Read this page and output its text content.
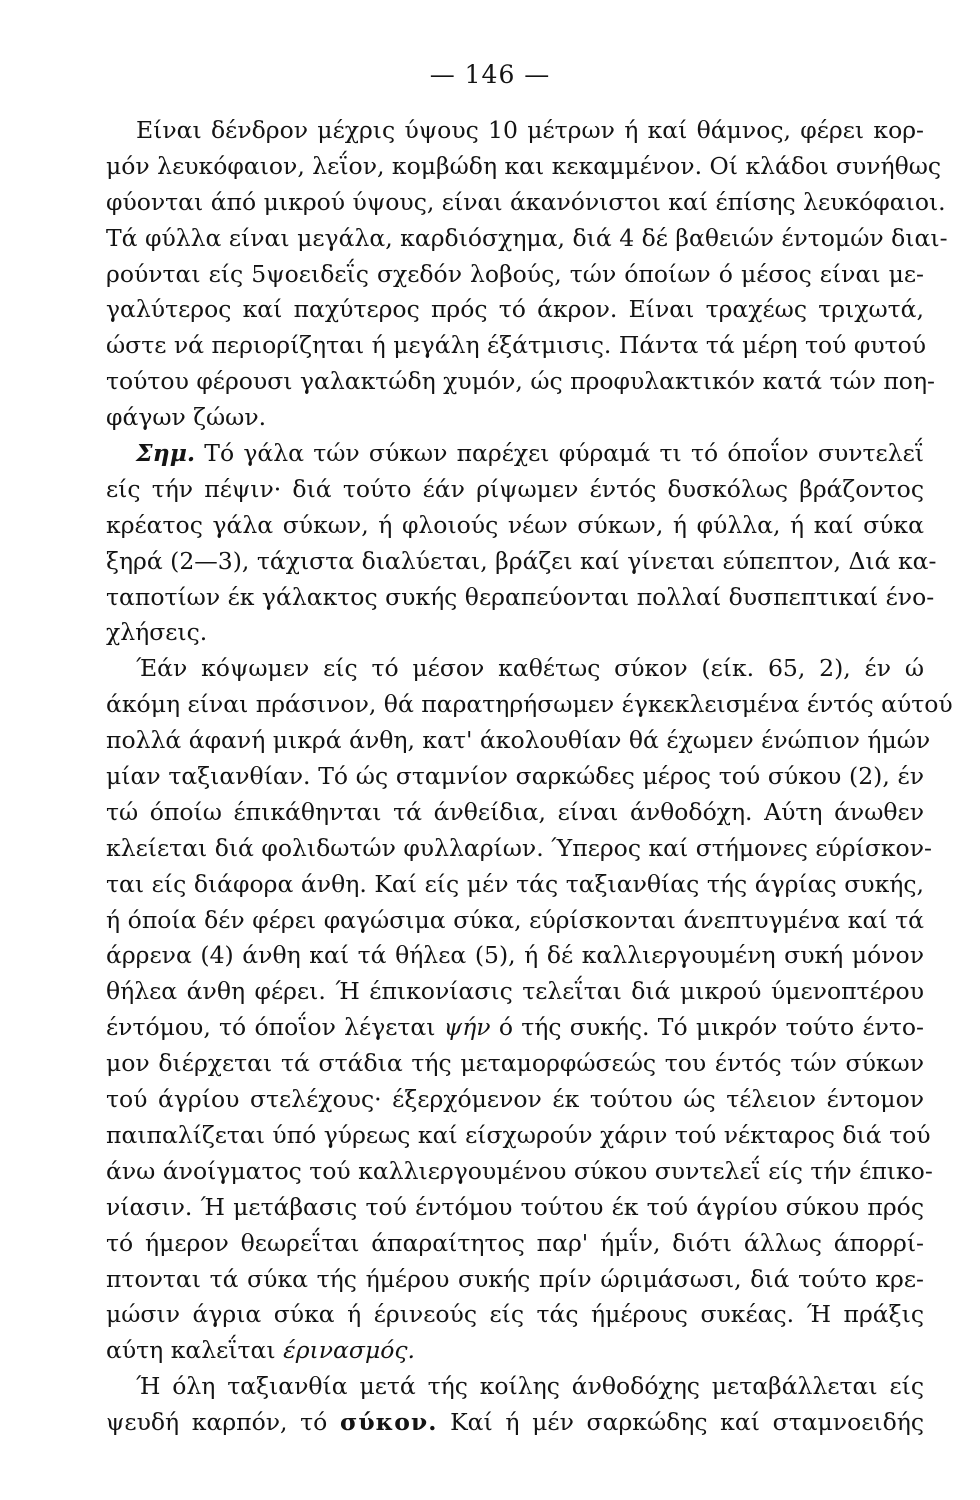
— 146 —
Είναι δένδρον μέχρις ύψους 10 μέτρων ή καί θάμνος, φέρει κορ-
μόν λευκόφαιον, λεΐον, κομβώδη και κεκαμμένον. Οί κλάδοι συνήθως
φύονται άπό μικρού ύψους, είναι άκανόνιστοι καί έπίσης λευκόφαιοι.
Τά φύλλα είναι μεγάλα, καρδιόσχημα, διά 4 δέ βαθειών έντομών διαι-
ρούνται είς 5ψοειδεΐς σχεδόν λοβούς, τών όποίων ό μέσος είναι με-
γαλύτερος καί παχύτερος πρός τό άκρον. Είναι τραχέως τριχωτά,
ώστε νά περιορίζηται ή μεγάλη έξάτμισις. Πάντα τά μέρη τού φυτού
τούτου φέρουσι γαλακτώδη χυμόν, ώς προφυλακτικόν κατά τών ποη-
φάγων ζώων.
Σημ. Τό γάλα τών σύκων παρέχει φύραμά τι τό όποΐον συντελεΐ
είς τήν πέψιν· διά τούτο έάν ρίψωμεν έντός δυσκόλως βράζοντος
κρέατος γάλα σύκων, ή φλοιούς νέων σύκων, ή φύλλα, ή καί σύκα
ξηρά (2—3), τάχιστα διαλύεται, βράζει καί γίνεται εύπεπτον, Διά κα-
ταποτίων έκ γάλακτος συκής θεραπεύονται πολλαί δυσπεπτικαί ένο-
χλήσεις.
Έάν κόψωμεν είς τό μέσον καθέτως σύκον (είκ. 65, 2), έν ώ
άκόμη είναι πράσινον, θά παρατηρήσωμεν έγκεκλεισμένα έντός αύτού
πολλά άφανή μικρά άνθη, κατ' άκολουθίαν θά έχωμεν ένώπιον ήμών
μίαν ταξιανθίαν. Τό ώς σταμνίον σαρκώδες μέρος τού σύκου (2), έν
τώ όποίω έπικάθηνται τά άνθείδια, είναι άνθοδόχη. Αύτη άνωθεν
κλείεται διά φολιδωτών φυλλαρίων. Ύπερος καί στήμονες εύρίσκον-
ται είς διάφορα άνθη. Καί είς μέν τάς ταξιανθίας τής άγρίας συκής,
ή όποία δέν φέρει φαγώσιμα σύκα, εύρίσκονται άνεπτυγμένα καί τά
άρρενα (4) άνθη καί τά θήλεα (5), ή δέ καλλιεργουμένη συκή μόνον
θήλεα άνθη φέρει. Ή έπικονίασις τελεΐται διά μικρού ύμενοπτέρου
έντόμου, τό όποΐον λέγεται ψήν ό τής συκής. Τό μικρόν τούτο έντο-
μον διέρχεται τά στάδια τής μεταμορφώσεώς του έντός τών σύκων
τού άγρίου στελέχους· έξερχόμενον έκ τούτου ώς τέλειον έντομον
παιπαλίζεται ύπό γύρεως καί είσχωρούν χάριν τού νέκταρος διά τού
άνω άνοίγματος τού καλλιεργουμένου σύκου συντελεΐ είς τήν έπικο-
νίασιν. Ή μετάβασις τού έντόμου τούτου έκ τού άγρίου σύκου πρός
τό ήμερον θεωρεΐται άπαραίτητος παρ' ήμΐν, διότι άλλως άπορρί-
πτονται τά σύκα τής ήμέρου συκής πρίν ώριμάσωσι, διά τούτο κρε-
μώσιν άγρια σύκα ή έρινεούς είς τάς ήμέρους συκέας. Ή πράξις
αύτη καλεΐται έρινασμός.
Ή όλη ταξιανθία μετά τής κοίλης άνθοδόχης μεταβάλλεται είς
ψευδή καρπόν, τό σύκον. Καί ή μέν σαρκώδης καί σταμνοειδής
